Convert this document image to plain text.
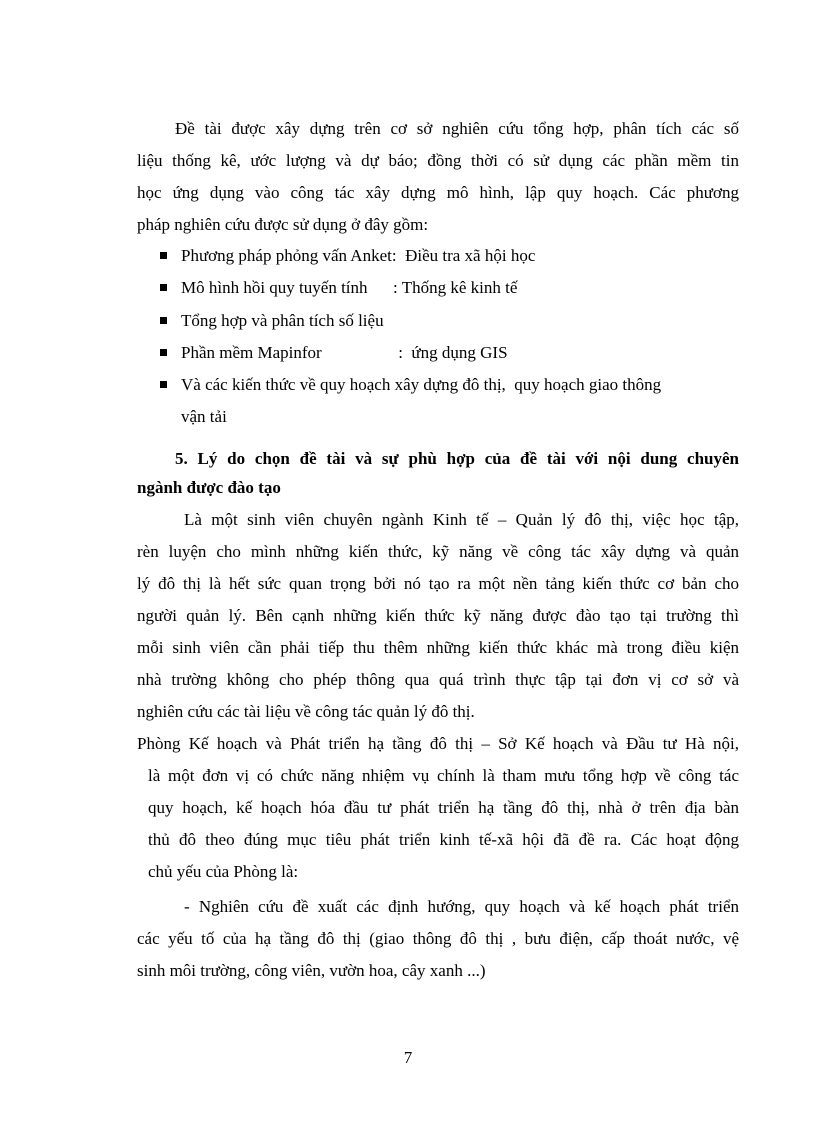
Đề tài được xây dựng trên cơ sở nghiên cứu tổng hợp, phân tích các số
liệu thống kê, ước lượng và dự báo; đồng thời có sử dụng các phần mềm tin
học ứng dụng vào công tác xây dựng mô hình, lập quy hoạch. Các phương
pháp nghiên cứu được sử dụng ở đây gồm:
Phương pháp phỏng vấn Anket:  Điều tra xã hội học
Mô hình hồi quy tuyến tính      : Thống kê kinh tế
Tổng hợp và phân tích số liệu
Phần mềm Mapinfor                  :  ứng dụng GIS
Và các kiến thức về quy hoạch xây dựng đô thị,  quy hoạch giao thông
vận tải
5. Lý do chọn đề tài và sự phù hợp của đề tài với nội dung chuyên
ngành được đào tạo
Là một sinh viên chuyên ngành Kinh tế – Quản lý đô thị, việc học tập,
rèn luyện cho mình những kiến thức, kỹ năng về công tác xây dựng và quản
lý đô thị là hết sức quan trọng bởi nó tạo ra một nền tảng kiến thức cơ bản cho
người quản lý. Bên cạnh những kiến thức kỹ năng được đào tạo tại trường thì
mỗi sinh viên cần phải tiếp thu thêm những kiến thức khác mà trong điều kiện
nhà trường không cho phép thông qua quá trình thực tập tại đơn vị cơ sở và
nghiên cứu các tài liệu về công tác quản lý đô thị.
Phòng Kế hoạch và Phát triển hạ tầng đô thị – Sở Kế hoạch và Đầu tư Hà nội,
là một đơn vị có chức năng nhiệm vụ chính là tham mưu tổng hợp về công tác
quy hoạch, kế hoạch hóa đầu tư phát triển hạ tầng đô thị, nhà ở trên địa bàn
thủ đô theo đúng mục tiêu phát triển kinh tế-xã hội đã đề ra. Các hoạt động
chủ yếu của Phòng là:
- Nghiên cứu đề xuất các định hướng, quy hoạch và kế hoạch phát triển
các yếu tố của hạ tầng đô thị (giao thông đô thị , bưu điện, cấp thoát nước, vệ
sinh môi trường, công viên, vườn hoa, cây xanh ...)
7
